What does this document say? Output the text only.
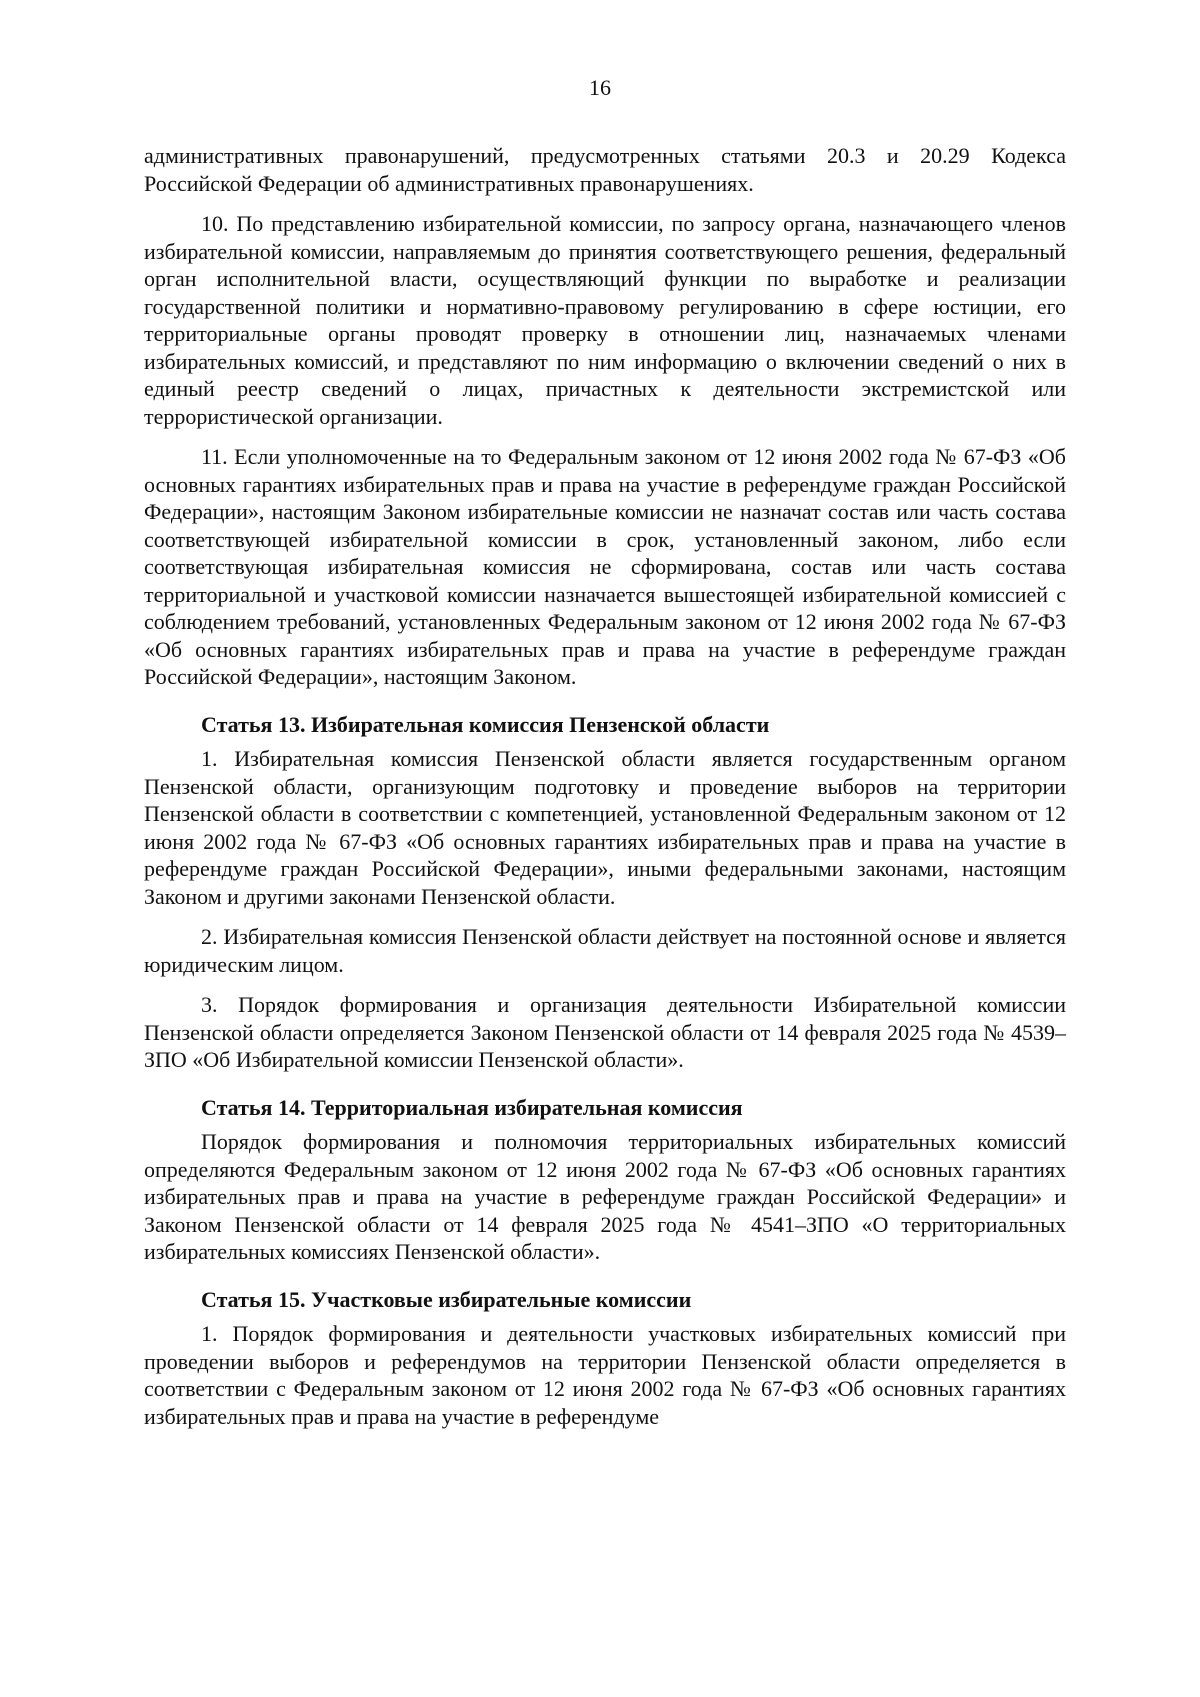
16

административных правонарушений, предусмотренных статьями 20.3 и 20.29 Кодекса Российской Федерации об административных правонарушениях.

10. По представлению избирательной комиссии, по запросу органа, назначающего членов избирательной комиссии, направляемым до принятия соответствующего решения, федеральный орган исполнительной власти, осуществляющий функции по выработке и реализации государственной политики и нормативно-правовому регулированию в сфере юстиции, его территориальные органы проводят проверку в отношении лиц, назначаемых членами избирательных комиссий, и представляют по ним информацию о включении сведений о них в единый реестр сведений о лицах, причастных к деятельности экстремистской или террористической организации.

11. Если уполномоченные на то Федеральным законом от 12 июня 2002 года № 67-ФЗ «Об основных гарантиях избирательных прав и права на участие в референдуме граждан Российской Федерации», настоящим Законом избирательные комиссии не назначат состав или часть состава соответствующей избирательной комиссии в срок, установленный законом, либо если соответствующая избирательная комиссия не сформирована, состав или часть состава территориальной и участковой комиссии назначается вышестоящей избирательной комиссией с соблюдением требований, установленных Федеральным законом от 12 июня 2002 года № 67-ФЗ «Об основных гарантиях избирательных прав и права на участие в референдуме граждан Российской Федерации», настоящим Законом.

Статья 13. Избирательная комиссия Пензенской области

1. Избирательная комиссия Пензенской области является государственным органом Пензенской области, организующим подготовку и проведение выборов на территории Пензенской области в соответствии с компетенцией, установленной Федеральным законом от 12 июня 2002 года № 67-ФЗ «Об основных гарантиях избирательных прав и права на участие в референдуме граждан Российской Федерации», иными федеральными законами, настоящим Законом и другими законами Пензенской области.

2. Избирательная комиссия Пензенской области действует на постоянной основе и является юридическим лицом.

3. Порядок формирования и организация деятельности Избирательной комиссии Пензенской области определяется Законом Пензенской области от 14 февраля 2025 года № 4539–ЗПО «Об Избирательной комиссии Пензенской области».

Статья 14. Территориальная избирательная комиссия

Порядок формирования и полномочия территориальных избирательных комиссий определяются Федеральным законом от 12 июня 2002 года № 67-ФЗ «Об основных гарантиях избирательных прав и права на участие в референдуме граждан Российской Федерации» и Законом Пензенской области от 14 февраля 2025 года № 4541–ЗПО «О территориальных избирательных комиссиях Пензенской области».

Статья 15. Участковые избирательные комиссии

1. Порядок формирования и деятельности участковых избирательных комиссий при проведении выборов и референдумов на территории Пензенской области определяется в соответствии с Федеральным законом от 12 июня 2002 года № 67-ФЗ «Об основных гарантиях избирательных прав и права на участие в референдуме
